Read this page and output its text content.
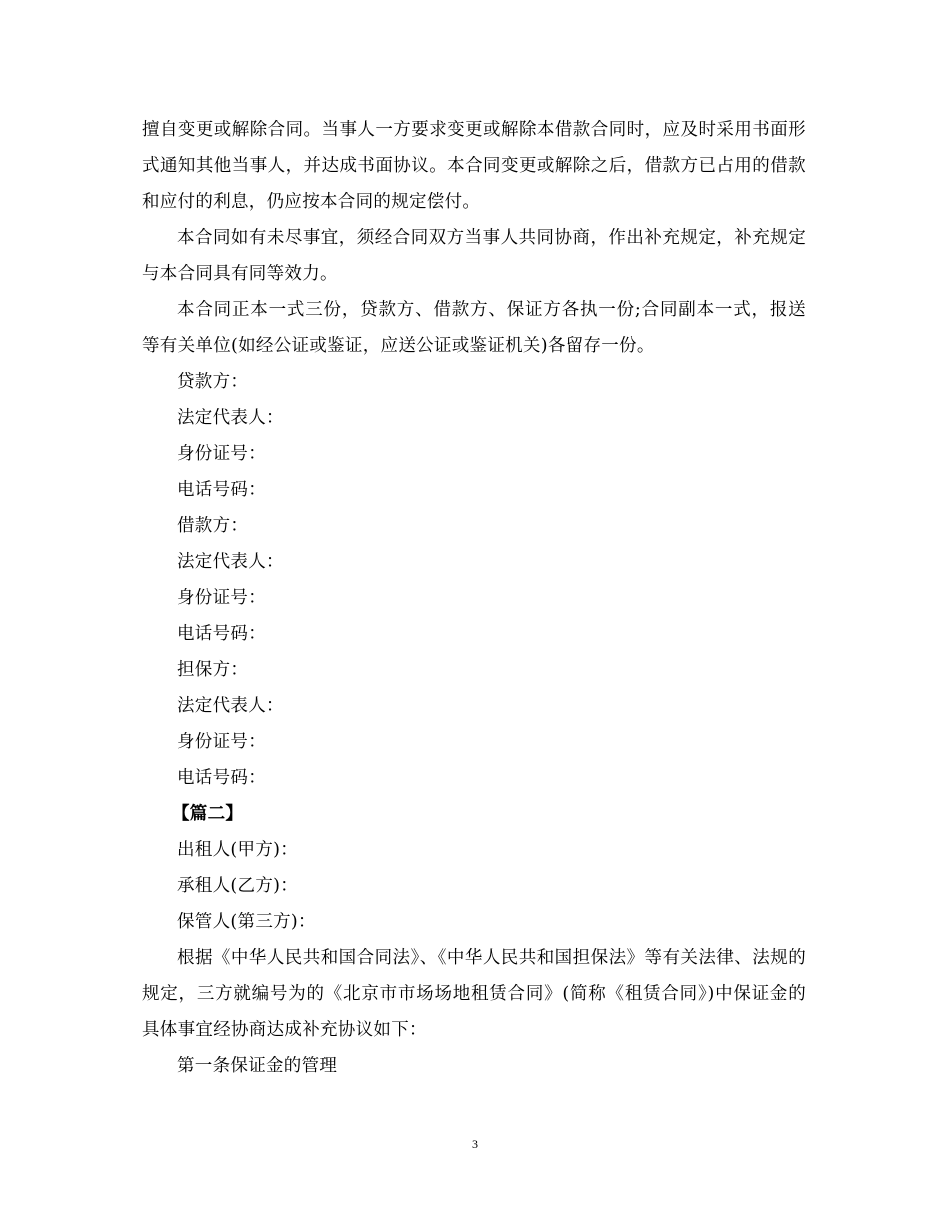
擅自变更或解除合同。当事人一方要求变更或解除本借款合同时，应及时采用书面形式通知其他当事人，并达成书面协议。本合同变更或解除之后，借款方已占用的借款和应付的利息，仍应按本合同的规定偿付。

本合同如有未尽事宜，须经合同双方当事人共同协商，作出补充规定，补充规定与本合同具有同等效力。

本合同正本一式三份，贷款方、借款方、保证方各执一份;合同副本一式，报送等有关单位(如经公证或鉴证，应送公证或鉴证机关)各留存一份。

贷款方：

法定代表人：

身份证号：

电话号码：

借款方：

法定代表人：

身份证号：

电话号码：

担保方：

法定代表人：

身份证号：

电话号码：

【篇二】

出租人(甲方)：

承租人(乙方)：

保管人(第三方)：

根据《中华人民共和国合同法》、《中华人民共和国担保法》等有关法律、法规的规定，三方就编号为的《北京市市场场地租赁合同》(简称《租赁合同》)中保证金的具体事宜经协商达成补充协议如下：

第一条保证金的管理

3
